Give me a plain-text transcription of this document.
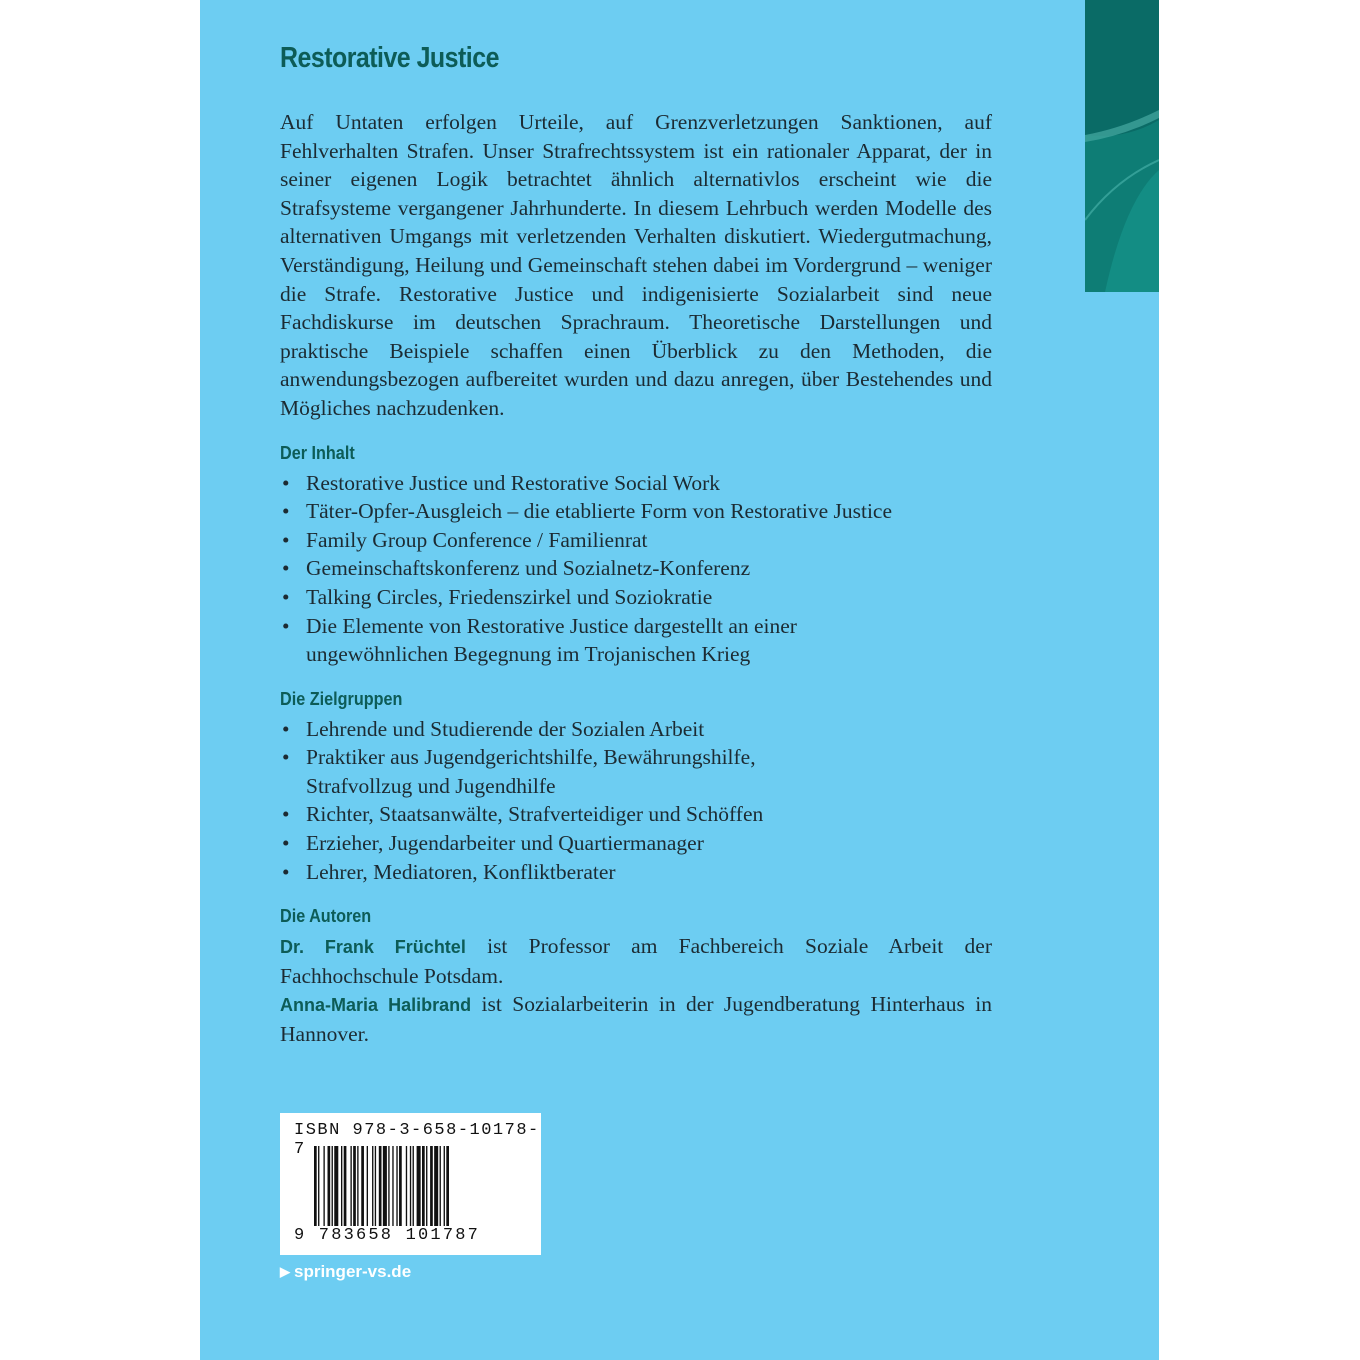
Restorative Justice

Auf Untaten erfolgen Urteile, auf Grenzverletzungen Sanktionen, auf Fehlverhalten Strafen. Unser Strafrechtssystem ist ein rationaler Apparat, der in seiner eigenen Logik betrachtet ähnlich alternativlos erscheint wie die Strafsysteme vergangener Jahrhunderte. In diesem Lehrbuch werden Modelle des alternativen Umgangs mit verletzenden Verhalten diskutiert. Wiedergutmachung, Verständigung, Heilung und Gemeinschaft stehen dabei im Vordergrund – weniger die Strafe. Restorative Justice und indigenisierte Sozialarbeit sind neue Fachdiskurse im deutschen Sprachraum. Theoretische Darstellungen und praktische Beispiele schaffen einen Überblick zu den Methoden, die anwendungsbezogen aufbereitet wurden und dazu anregen, über Bestehendes und Mögliches nachzudenken.

Der Inhalt
• Restorative Justice und Restorative Social Work
• Täter-Opfer-Ausgleich – die etablierte Form von Restorative Justice
• Family Group Conference / Familienrat
• Gemeinschaftskonferenz und Sozialnetz-Konferenz
• Talking Circles, Friedenszirkel und Soziokratie
• Die Elemente von Restorative Justice dargestellt an einer ungewöhnlichen Begegnung im Trojanischen Krieg
Die Zielgruppen
• Lehrende und Studierende der Sozialen Arbeit
• Praktiker aus Jugendgerichtshilfe, Bewährungshilfe, Strafvollzug und Jugendhilfe
• Richter, Staatsanwälte, Strafverteidiger und Schöffen
• Erzieher, Jugendarbeiter und Quartiermanager
• Lehrer, Mediatoren, Konfliktberater
Die Autoren

Dr. Frank Früchtel ist Professor am Fachbereich Soziale Arbeit der Fachhochschule Potsdam.

Anna-Maria Halibrand ist Sozialarbeiterin in der Jugendberatung Hinterhaus in Hannover.

ISBN 978-3-658-10178-7
9 783658 101787
▶ springer-vs.de
